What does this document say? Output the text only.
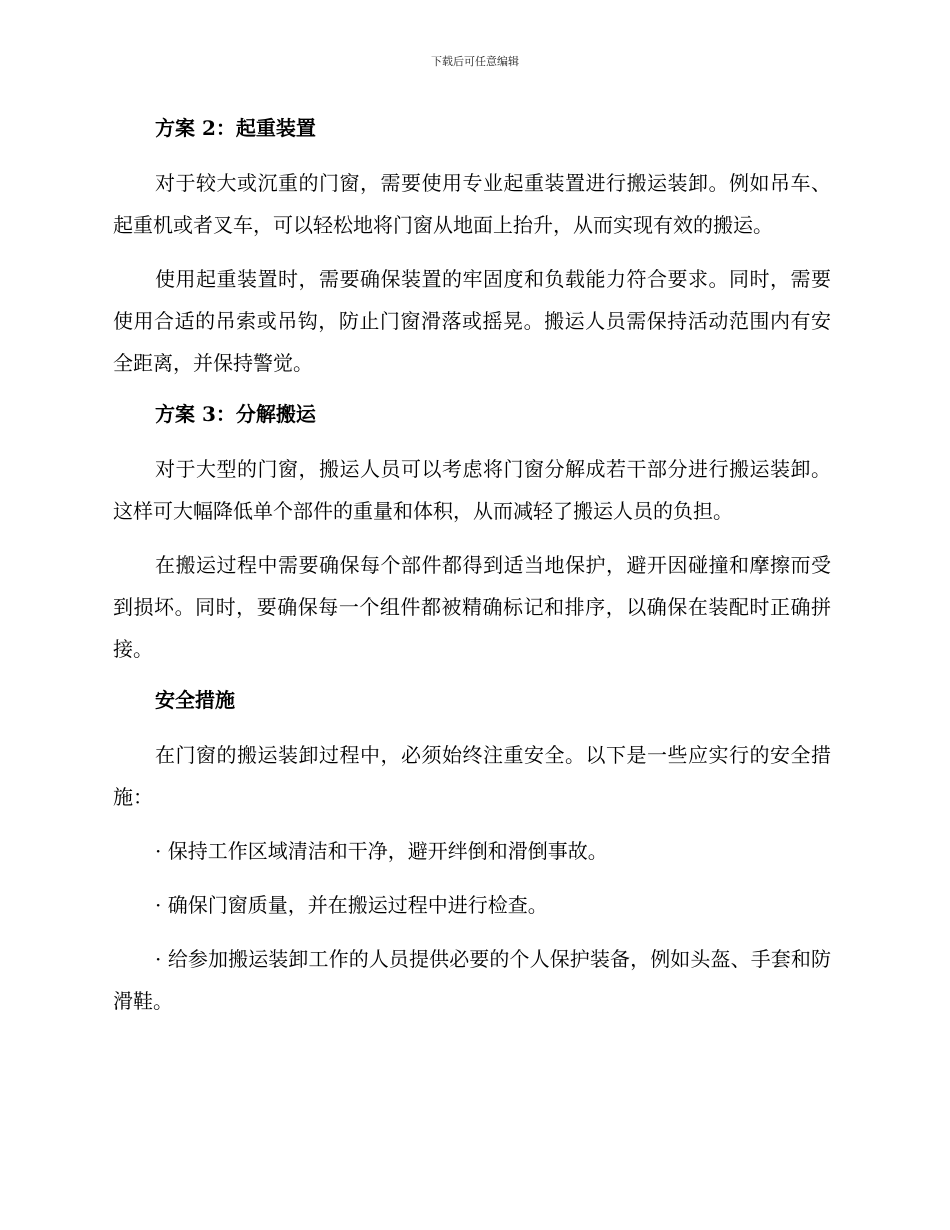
下载后可任意编辑
方案 2：起重装置

对于较大或沉重的门窗，需要使用专业起重装置进行搬运装卸。例如吊车、起重机或者叉车，可以轻松地将门窗从地面上抬升，从而实现有效的搬运。

使用起重装置时，需要确保装置的牢固度和负载能力符合要求。同时，需要使用合适的吊索或吊钩，防止门窗滑落或摇晃。搬运人员需保持活动范围内有安全距离，并保持警觉。

方案 3：分解搬运

对于大型的门窗，搬运人员可以考虑将门窗分解成若干部分进行搬运装卸。这样可大幅降低单个部件的重量和体积，从而减轻了搬运人员的负担。

在搬运过程中需要确保每个部件都得到适当地保护，避开因碰撞和摩擦而受到损坏。同时，要确保每一个组件都被精确标记和排序，以确保在装配时正确拼接。

安全措施

在门窗的搬运装卸过程中，必须始终注重安全。以下是一些应实行的安全措施：

· 保持工作区域清洁和干净，避开绊倒和滑倒事故。

· 确保门窗质量，并在搬运过程中进行检查。

· 给参加搬运装卸工作的人员提供必要的个人保护装备，例如头盔、手套和防滑鞋。
